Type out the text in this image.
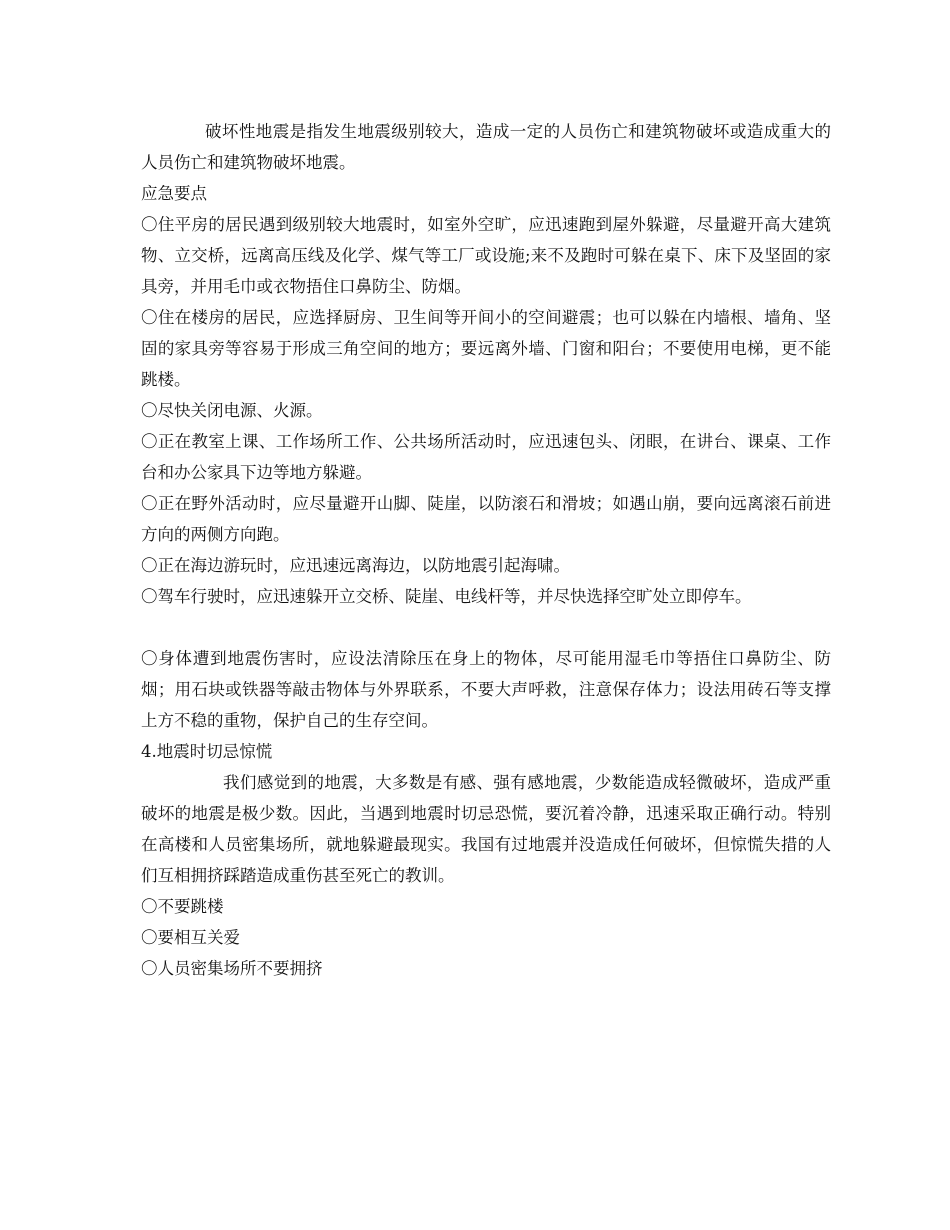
破坏性地震是指发生地震级别较大，造成一定的人员伤亡和建筑物破坏或造成重大的人员伤亡和建筑物破坏地震。

应急要点

〇住平房的居民遇到级别较大地震时，如室外空旷，应迅速跑到屋外躲避，尽量避开高大建筑物、立交桥，远离高压线及化学、煤气等工厂或设施;来不及跑时可躲在桌下、床下及坚固的家具旁，并用毛巾或衣物捂住口鼻防尘、防烟。

〇住在楼房的居民，应选择厨房、卫生间等开间小的空间避震；也可以躲在内墙根、墙角、坚固的家具旁等容易于形成三角空间的地方；要远离外墙、门窗和阳台；不要使用电梯，更不能跳楼。

〇尽快关闭电源、火源。

〇正在教室上课、工作场所工作、公共场所活动时，应迅速包头、闭眼，在讲台、课桌、工作台和办公家具下边等地方躲避。

〇正在野外活动时，应尽量避开山脚、陡崖，以防滚石和滑坡；如遇山崩，要向远离滚石前进方向的两侧方向跑。

〇正在海边游玩时，应迅速远离海边，以防地震引起海啸。

〇驾车行驶时，应迅速躲开立交桥、陡崖、电线杆等，并尽快选择空旷处立即停车。

〇身体遭到地震伤害时，应设法清除压在身上的物体，尽可能用湿毛巾等捂住口鼻防尘、防烟；用石块或铁器等敲击物体与外界联系，不要大声呼救，注意保存体力；设法用砖石等支撑上方不稳的重物，保护自己的生存空间。

4.地震时切忌惊慌

我们感觉到的地震，大多数是有感、强有感地震，少数能造成轻微破坏，造成严重破坏的地震是极少数。因此，当遇到地震时切忌恐慌，要沉着冷静，迅速采取正确行动。特别在高楼和人员密集场所，就地躲避最现实。我国有过地震并没造成任何破坏，但惊慌失措的人们互相拥挤踩踏造成重伤甚至死亡的教训。

〇不要跳楼

〇要相互关爱

〇人员密集场所不要拥挤
